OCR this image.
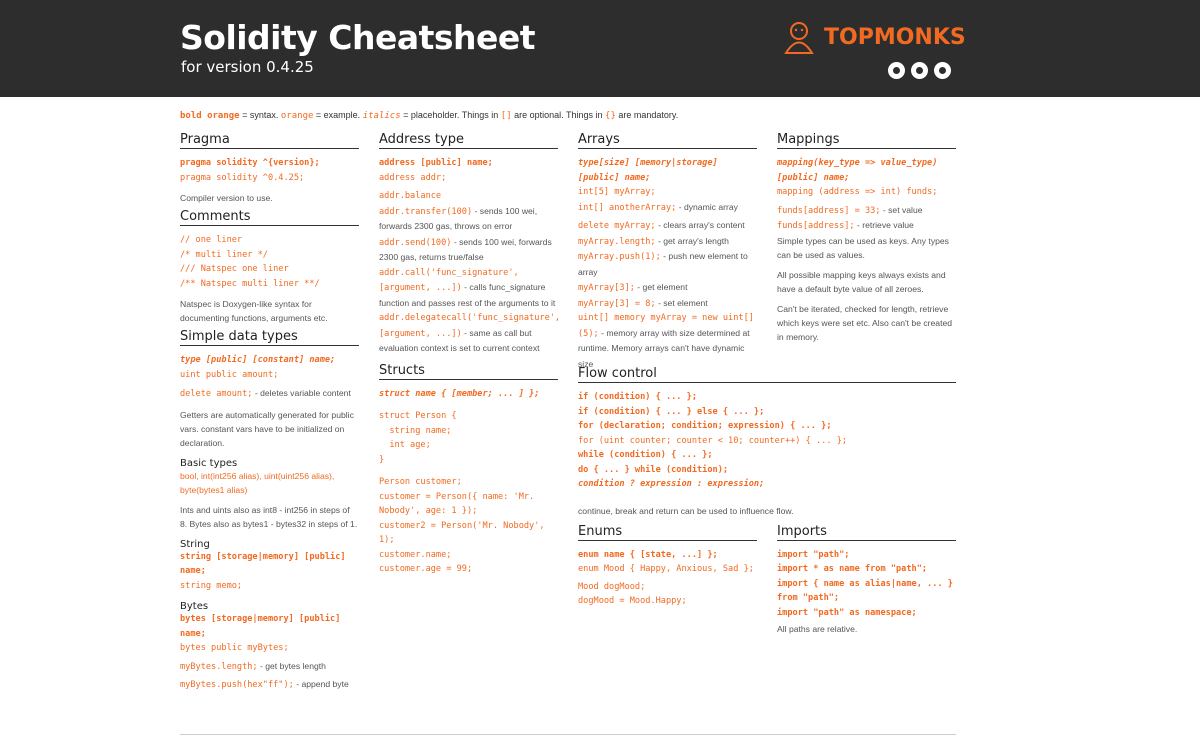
Solidity Cheatsheet
for version 0.4.25
TOPMONKS
bold orange = syntax. orange = example. italics = placeholder. Things in [] are optional. Things in {} are mandatory.
Pragma
pragma solidity ^{version};
pragma solidity ^0.4.25;
Compiler version to use.
Comments
// one liner
/* multi liner */
/// Natspec one liner
/** Natspec multi liner **/
Natspec is Doxygen-like syntax for documenting functions, arguments etc.
Simple data types
type [public] [constant] name;
uint public amount;
delete amount; - deletes variable content
Getters are automatically generated for public vars. constant vars have to be initialized on declaration.
Basic types
bool, int(int256 alias), uint(uint256 alias), byte(bytes1 alias)
Ints and uints also as int8 - int256 in steps of 8. Bytes also as bytes1 - bytes32 in steps of 1.
String
string [storage|memory] [public] name;
string memo;
Bytes
bytes [storage|memory] [public] name;
bytes public myBytes;
myBytes.length; - get bytes length
myBytes.push(hex"ff"); - append byte
Address type
address [public] name;
address addr;
addr.balance
addr.transfer(100) - sends 100 wei, forwards 2300 gas, throws on error
addr.send(100) - sends 100 wei, forwards 2300 gas, returns true/false
addr.call('func_signature', [argument, ...]) - calls func_signature function and passes rest of the arguments to it
addr.delegatecall('func_signature', [argument, ...]) - same as call but evaluation context is set to current context
Structs
struct name { [member; ... ] };
struct Person {
string name;
int age;
}
Person customer;
customer = Person({ name: 'Mr. Nobody', age: 1 });
customer2 = Person('Mr. Nobody', 1);
customer.name;
customer.age = 99;
Arrays
type[size] [memory|storage] [public] name;
int[5] myArray;
int[] anotherArray; - dynamic array
delete myArray; - clears array's content
myArray.length; - get array's length
myArray.push(1); - push new element to array
myArray[3]; - get element
myArray[3] = 8; - set element
uint[] memory myArray = new uint[](5); - memory array with size determined at runtime. Memory arrays can't have dynamic size
Mappings
mapping(key_type => value_type) [public] name;
mapping (address => int) funds;
funds[address] = 33; - set value
funds[address]; - retrieve value
Simple types can be used as keys. Any types can be used as values.
All possible mapping keys always exists and have a default byte value of all zeroes.
Can't be iterated, checked for length, retrieve which keys were set etc. Also can't be created in memory.
Flow control
if (condition) { ... };
if (condition) { ... } else { ... };
for (declaration; condition; expression) { ... };
for (uint counter; counter < 10; counter++) { ... };
while (condition) { ... };
do { ... } while (condition);
condition ? expression : expression;
continue, break and return can be used to influence flow.
Enums
enum name { [state, ...] };
enum Mood { Happy, Anxious, Sad };
Mood dogMood;
dogMood = Mood.Happy;
Imports
import "path";
import * as name from "path";
import { name as alias|name, ... } from "path";
import "path" as namespace;
All paths are relative.
